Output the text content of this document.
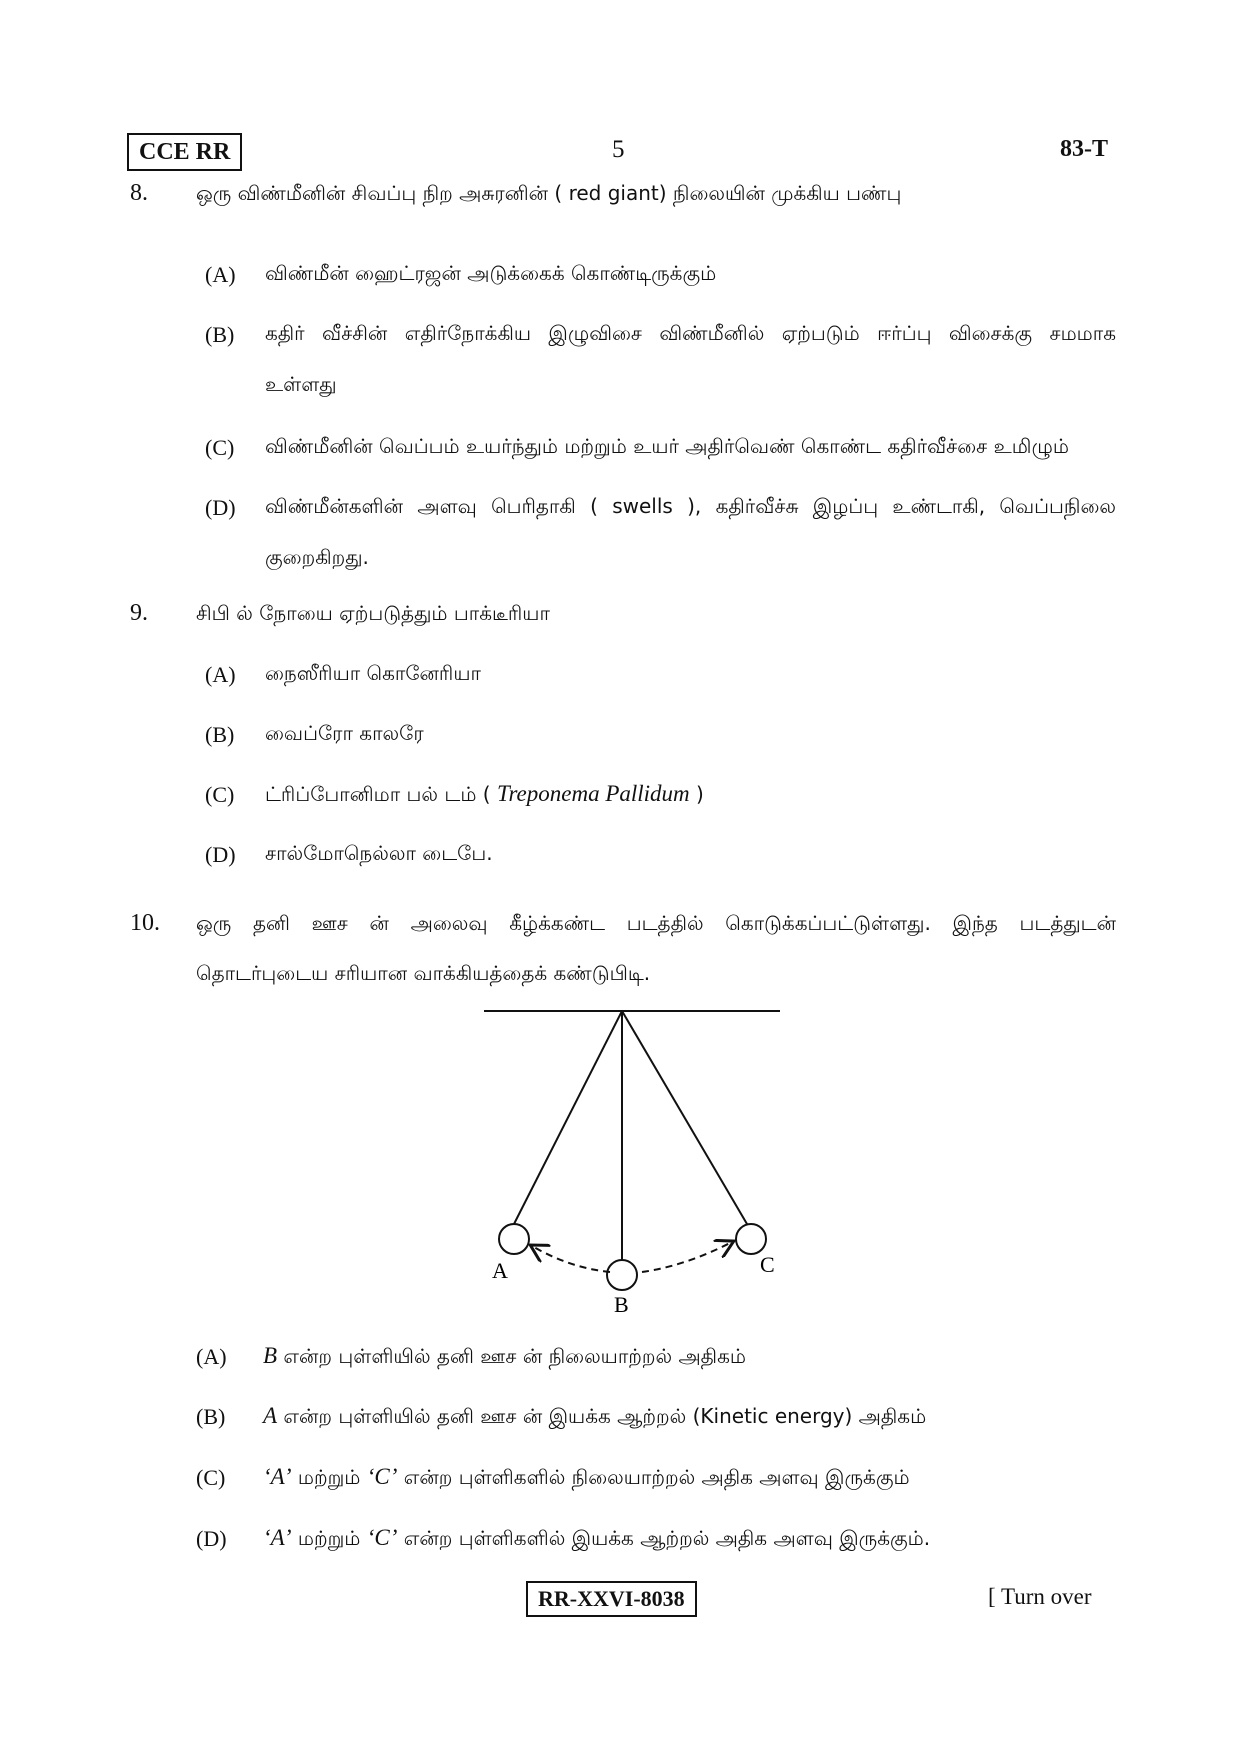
CCE RR	5	83-T
8. ஒரு விண்மீனின் சிவப்பு நிற அசுரனின் ( red giant) நிலையின் முக்கிய பண்பு
(A) விண்மீன் ஹைட்ரஜன் அடுக்கைக் கொண்டிருக்கும்
(B) கதிர் வீச்சின் எதிர்நோக்கிய இழுவிசை விண்மீனில் ஏற்படும் ஈர்ப்பு விசைக்கு சமமாக
உள்ளது
(C) விண்மீனின் வெப்பம் உயர்ந்தும் மற்றும் உயர் அதிர்வெண் கொண்ட கதிர்வீச்சை உமிழும்
(D) விண்மீன்களின் அளவு பெரிதாகி ( swells ), கதிர்வீச்சு இழப்பு உண்டாகி, வெப்பநிலை
குறைகிறது.
9. சிபி ல் நோயை ஏற்படுத்தும் பாக்டீரியா
(A) நைஸீரியா கொனேரியா
(B) வைப்ரோ காலரே
(C) ட்ரிப்போனிமா பல் டம் ( Treponema Pallidum )
(D) சால்மோநெல்லா டைபே.
10. ஒரு தனி ஊச ன் அலைவு கீழ்க்கண்ட படத்தில் கொடுக்கப்பட்டுள்ளது. இந்த படத்துடன்
தொடர்புடைய சரியான வாக்கியத்தைக் கண்டுபிடி.
A
B
C
(A) B என்ற புள்ளியில் தனி ஊச ன் நிலையாற்றல் அதிகம்
(B) A என்ற புள்ளியில் தனி ஊச ன் இயக்க ஆற்றல் (Kinetic energy) அதிகம்
(C) ‘A’ மற்றும் ‘C’ என்ற புள்ளிகளில் நிலையாற்றல் அதிக அளவு இருக்கும்
(D) ‘A’ மற்றும் ‘C’ என்ற புள்ளிகளில் இயக்க ஆற்றல் அதிக அளவு இருக்கும்.
RR-XXVI-8038	[ Turn over
